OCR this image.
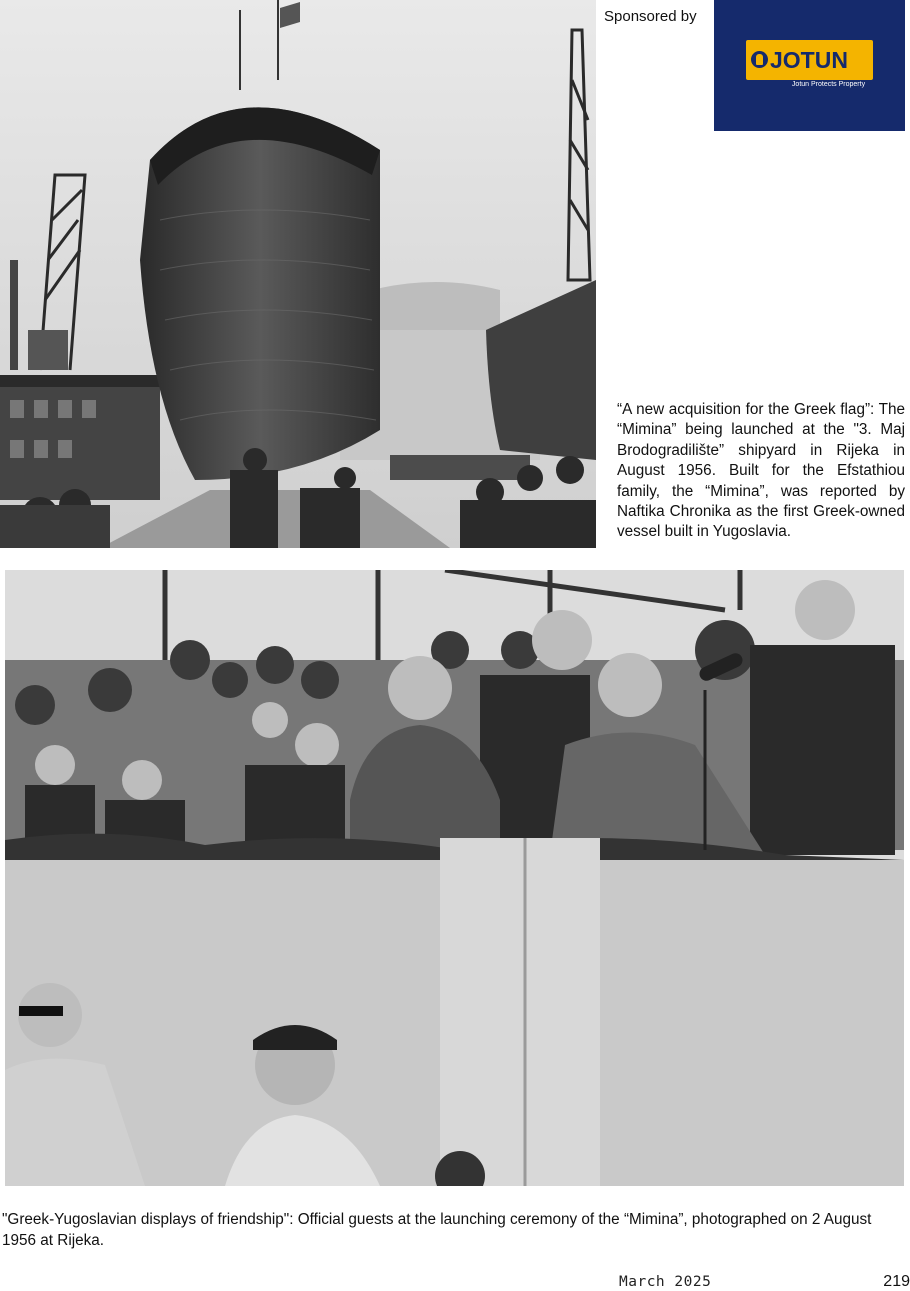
Sponsored by
JOTUN
Jotun Protects Property
“A new acquisition for the Greek flag”: The “Mimina” being launched at the "3. Maj Brodogradilište” shipyard in Rijeka in August 1956. Built for the Efstathiou family, the “Mimina”, was reported by Naftika Chronika as the first Greek-owned vessel built in Yugoslavia.
"Greek-Yugoslavian displays of friendship": Official guests at the launching ceremony of the “Mimina”, photographed on 2 August 1956 at Rijeka.
March 2025	219
